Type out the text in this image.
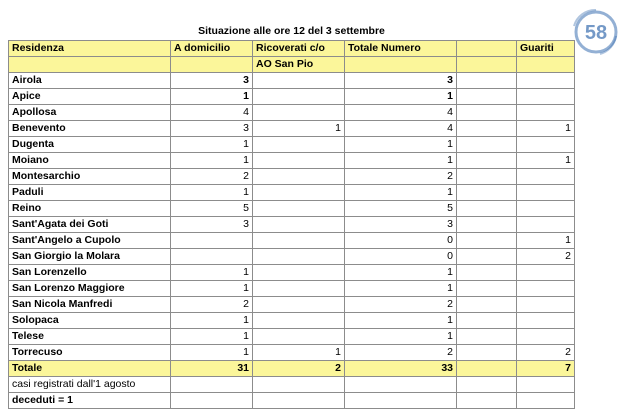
Situazione alle ore 12 del 3 settembre					
Residenza	A domicilio	Ricoverati c/o	Totale Numero		Guariti
		AO San Pio			
Airola	3		3		
Apice	1		1		
Apollosa	4		4		
Benevento	3	1	4		1
Dugenta	1		1		
Moiano	1		1		1
Montesarchio	2		2		
Paduli	1		1		
Reino	5		5		
Sant'Agata dei Goti	3		3		
Sant'Angelo a Cupolo			0		1
San Giorgio la Molara			0		2
San Lorenzello	1		1		
San Lorenzo Maggiore	1		1		
San Nicola Manfredi	2		2		
Solopaca	1		1		
Telese	1		1		
Torrecuso	1	1	2		2
Totale	31	2	33		7
casi registrati dall'1 agosto					
deceduti = 1					
58
